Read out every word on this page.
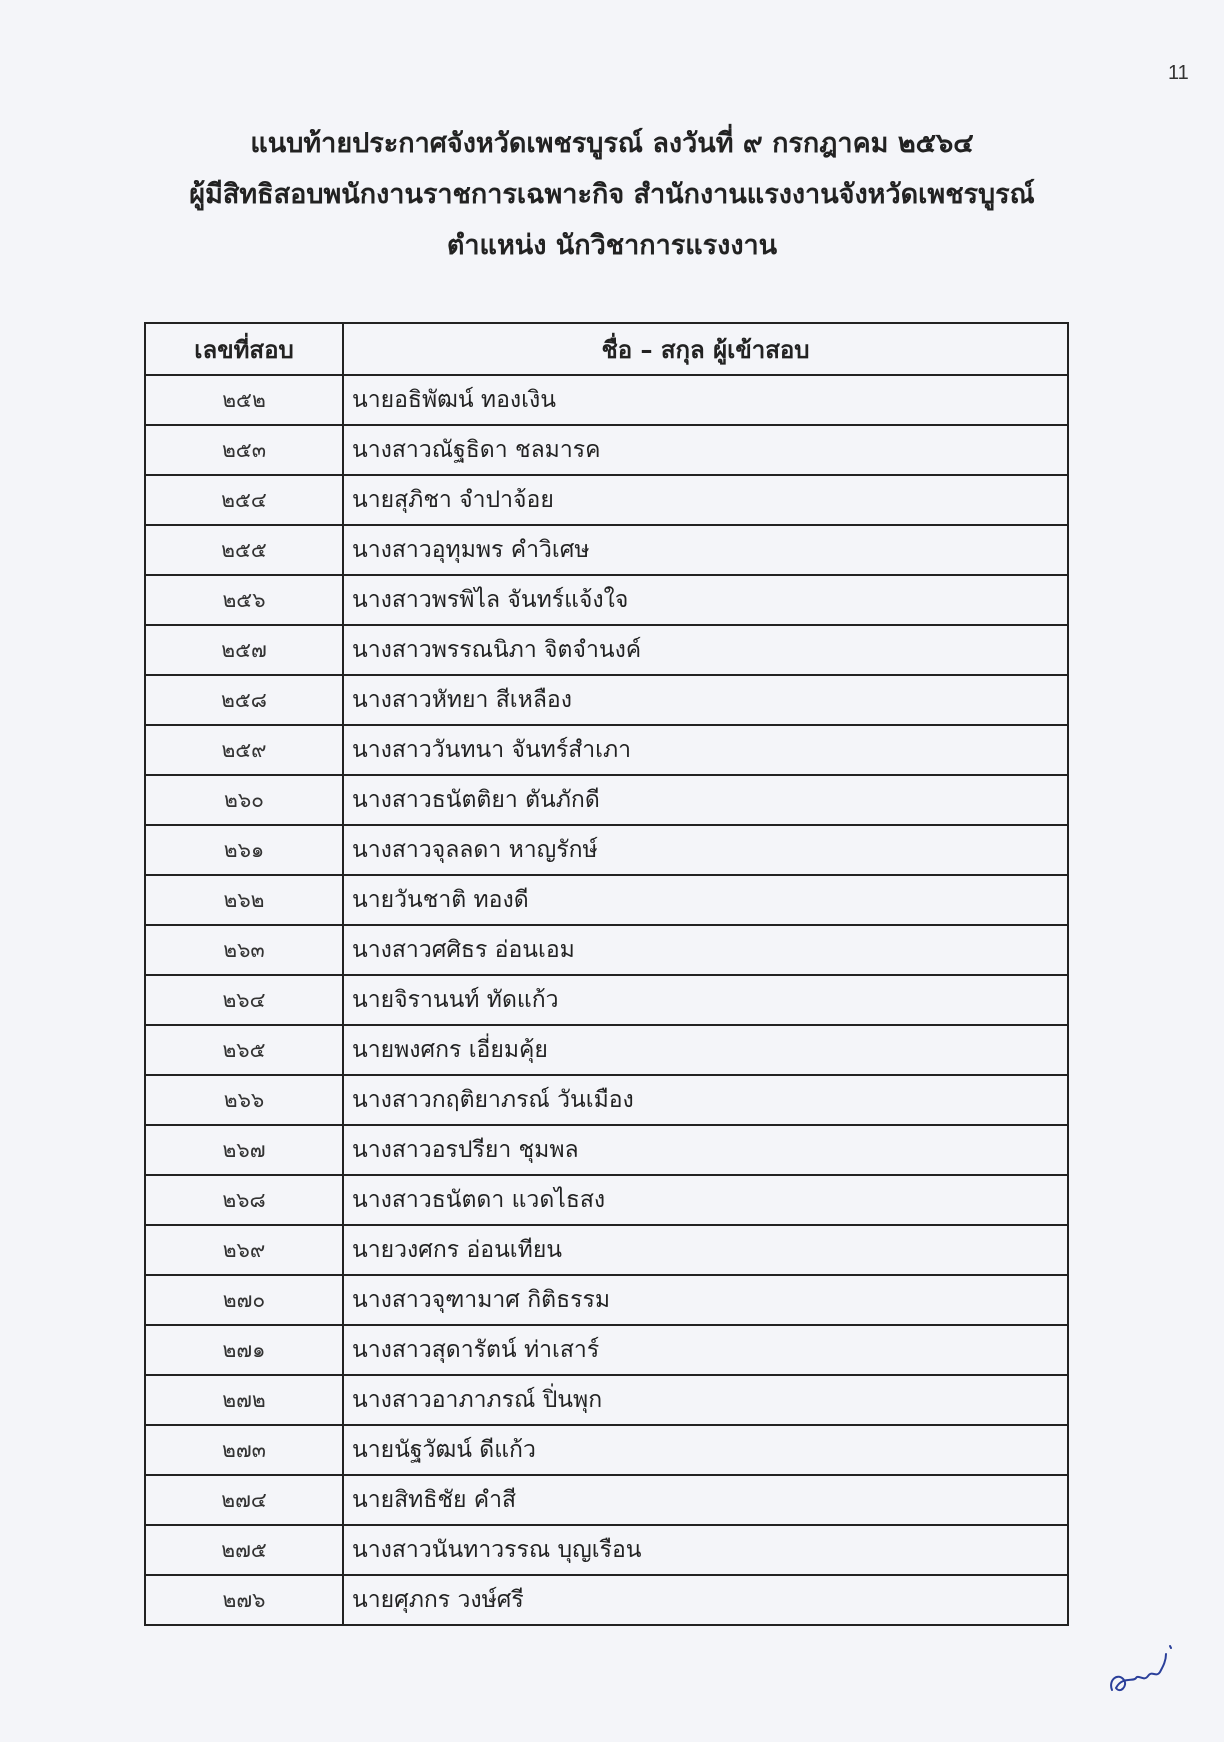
11
แนบท้ายประกาศจังหวัดเพชรบูรณ์ ลงวันที่ ๙ กรกฎาคม ๒๕๖๔
ผู้มีสิทธิสอบพนักงานราชการเฉพาะกิจ สำนักงานแรงงานจังหวัดเพชรบูรณ์
ตำแหน่ง นักวิชาการแรงงาน
เลขที่สอบ	ชื่อ – สกุล ผู้เข้าสอบ
๒๕๒	นายอธิพัฒน์ ทองเงิน
๒๕๓	นางสาวณัฐธิดา ชลมารค
๒๕๔	นายสุภิชา จำปาจ้อย
๒๕๕	นางสาวอุทุมพร คำวิเศษ
๒๕๖	นางสาวพรพิไล จันทร์แจ้งใจ
๒๕๗	นางสาวพรรณนิภา จิตจำนงค์
๒๕๘	นางสาวหัทยา สีเหลือง
๒๕๙	นางสาววันทนา จันทร์สำเภา
๒๖๐	นางสาวธนัตติยา ตันภักดี
๒๖๑	นางสาวจุลลดา หาญรักษ์
๒๖๒	นายวันชาติ ทองดี
๒๖๓	นางสาวศศิธร อ่อนเอม
๒๖๔	นายจิรานนท์ ทัดแก้ว
๒๖๕	นายพงศกร เอี่ยมคุ้ย
๒๖๖	นางสาวกฤติยาภรณ์ วันเมือง
๒๖๗	นางสาวอรปรียา ชุมพล
๒๖๘	นางสาวธนัตดา แวดไธสง
๒๖๙	นายวงศกร อ่อนเทียน
๒๗๐	นางสาวจุฑามาศ กิติธรรม
๒๗๑	นางสาวสุดารัตน์ ท่าเสาร์
๒๗๒	นางสาวอาภาภรณ์ ปิ่นพุก
๒๗๓	นายนัฐวัฒน์ ดีแก้ว
๒๗๔	นายสิทธิชัย คำสี
๒๗๕	นางสาวนันทาวรรณ บุญเรือน
๒๗๖	นายศุภกร วงษ์ศรี
